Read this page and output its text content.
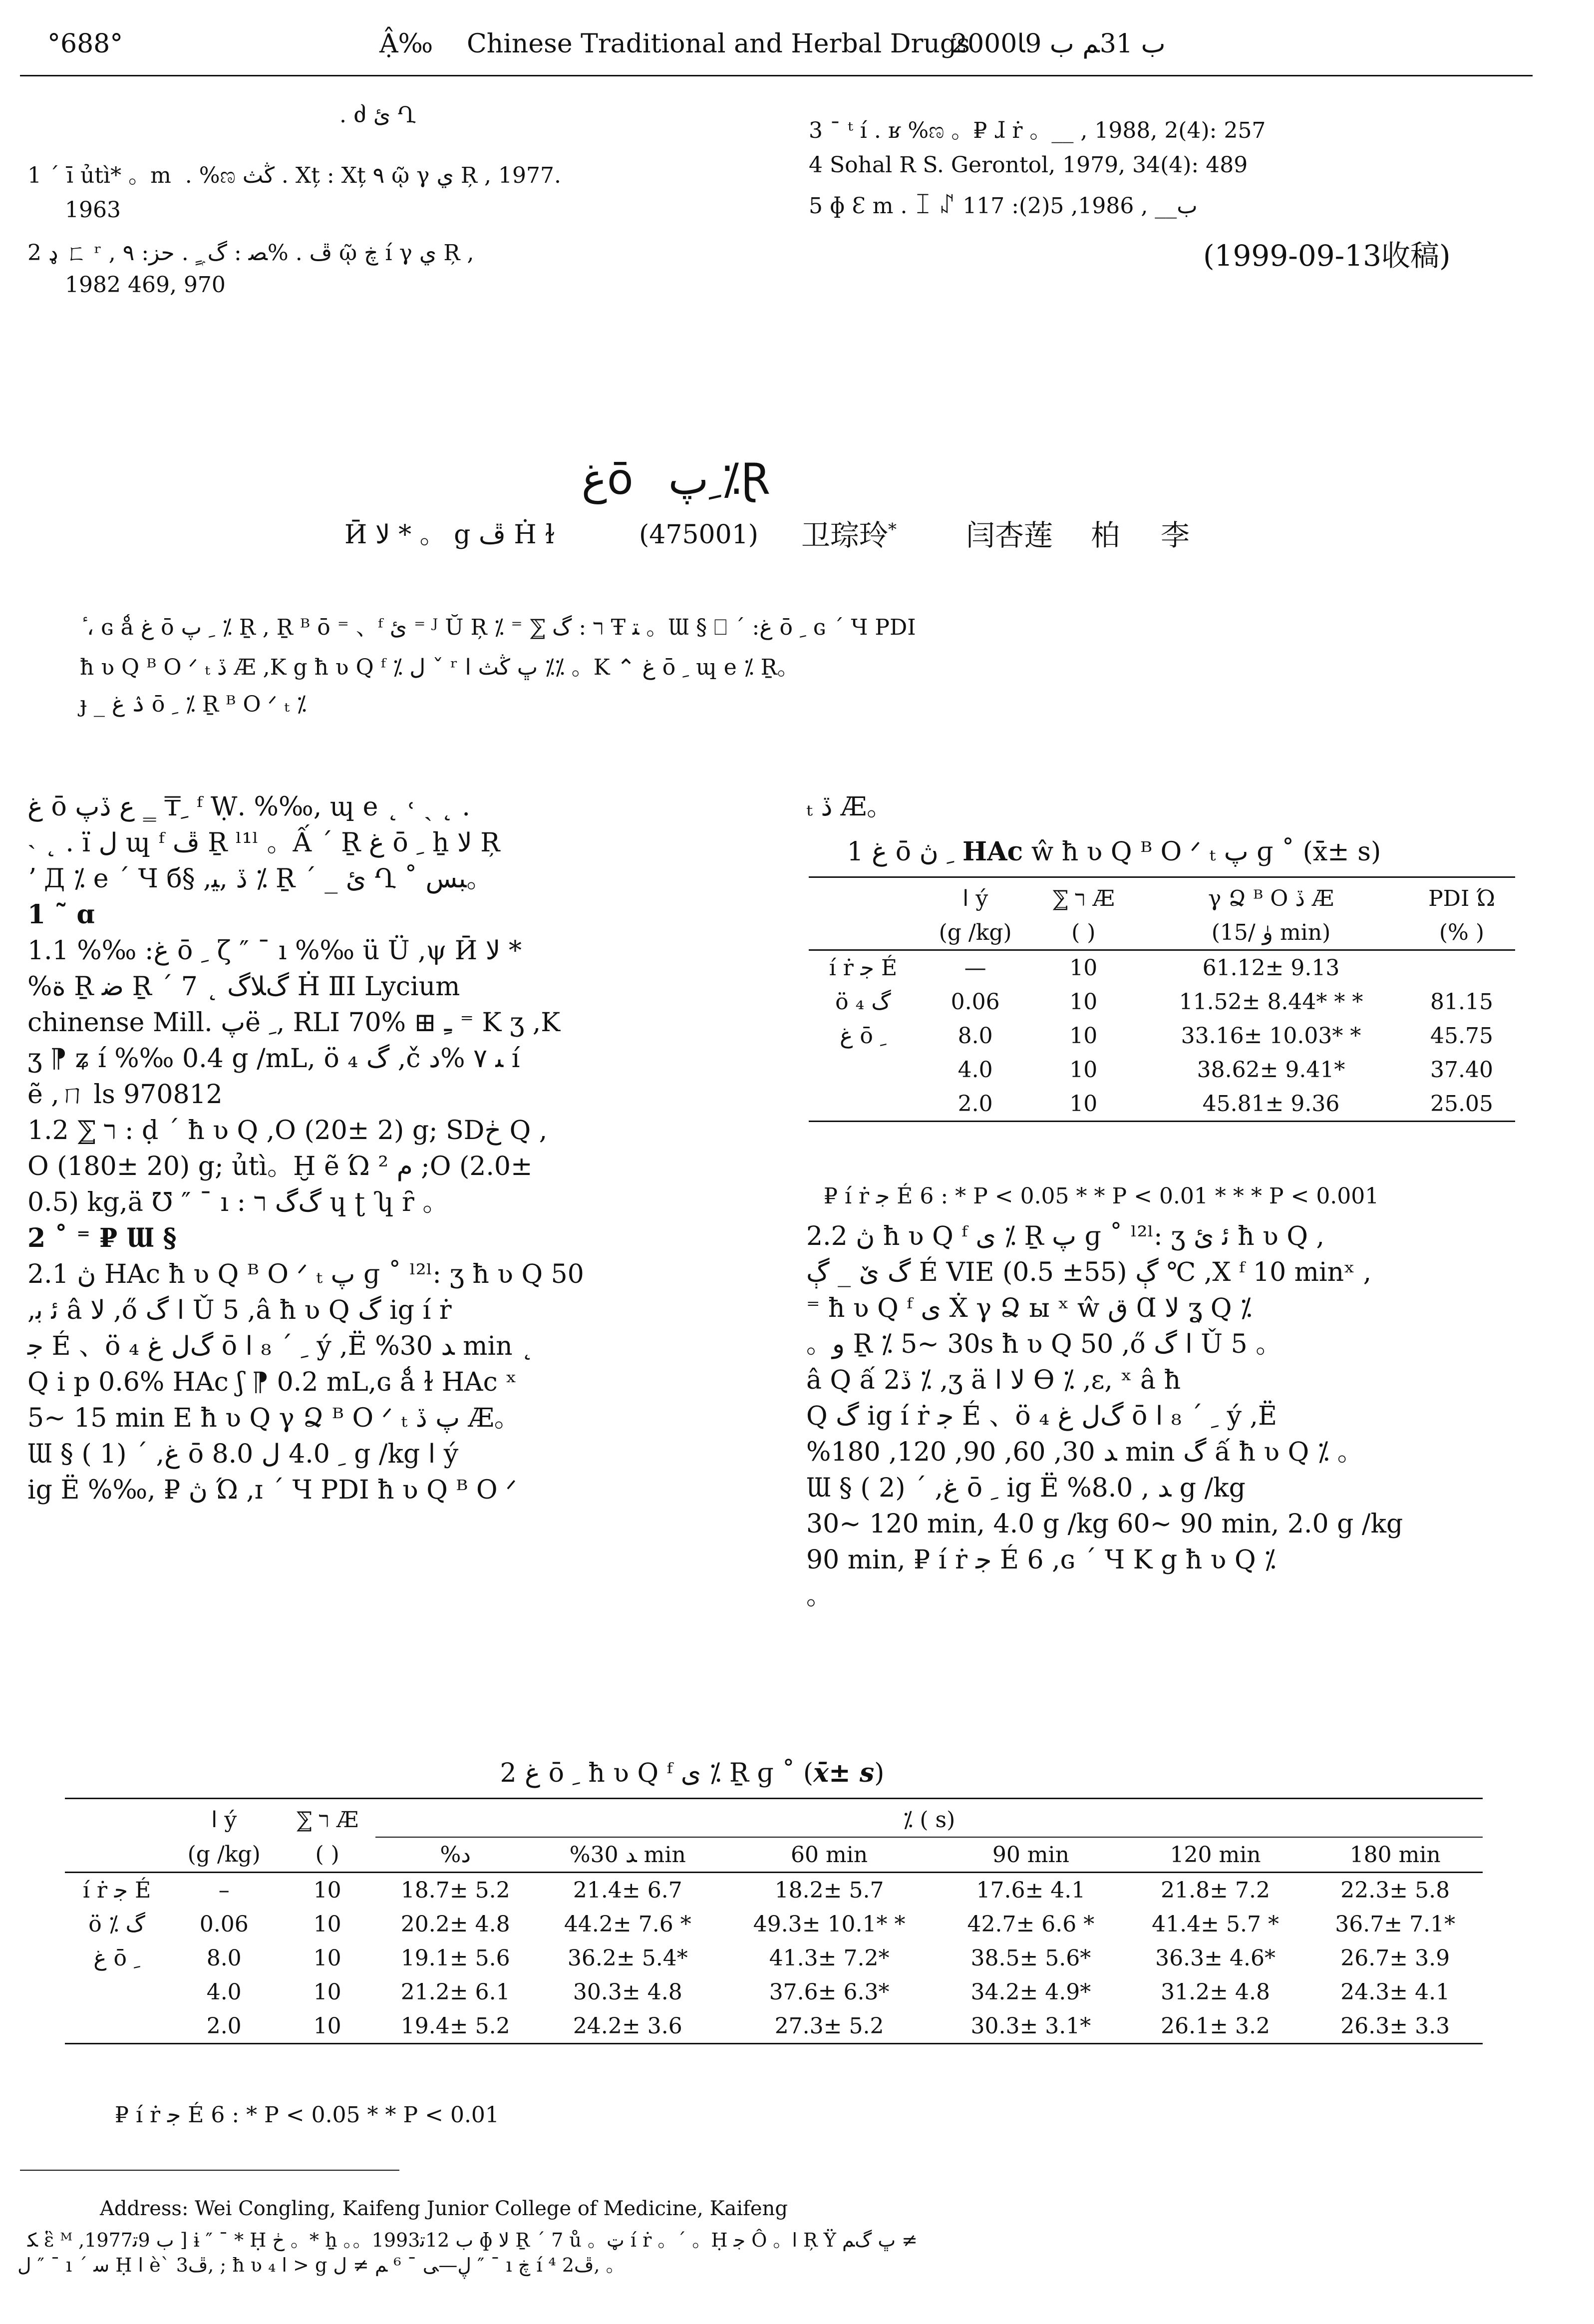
°688°	Ậ‰ Chinese Traditional and Herbal Drugs
2000ب 31ﻢ ب 9ﺎ
. ძ ئ Ղ
1 ´ ī ủtì* 。m  . %ಣ ڭث . Xț : Xț ۹ ῷ γ ي Ŗ , 1977.
1963
2 ډ ㄈ ʳ , ڦ . %ﺼ : گ ۭ ٍ . ﺣﺰ: ۹ ῷ ڿ í γ ي Ŗ ,
1982 469, 970
3 ¯ ᵗ í . ʁ %ಣ 。₽ ɺ ṙ 。__ , 1988, 2(4): 257
4 Sohal R S. Gerontol, 1979, 34(4): 489
5 ɸ Ɛ m . ꀤ ꁴ ب__ , 1986, 5(2): 117
(1999-09-13收稿)

ﻍō ﹺﭖ ⁒Ɽ

Ӣ ﻻ * 。 g ڦ Ḣ ɫ	(475001) 卫琮玲* 闫杏莲 柏 李
ٔ ، ɢ ǻ ﻍ ō ﹺ ﭖ ⁒ Ṟ , Ṟ ᴮ ō ⁼ 、ᶠ ئ ⁼ ᴶ Ŭ Ŗ ⁒ ⁼ ⅀ ﬧ : گ Ŧ ﺘ 。Ɯ § ⎕ ´ :ﻍ ō ﹺ ɢ ´ Ч PDI
ħ ʋ Q ᴮ O ᐟ ₜ ڏ Æ ,K g ħ ʋ Q ᶠ ⁒ ﻝ ˇ ʳ ڀ ڭث ﺍ ⁒⁒ 。K ⌃ ﻍ ō ﹺ ɰ e ⁒ Ṟ。
ɟ _ ۮ ﻍ ō ﹺ ⁒ Ṟ ᴮ O ᐟ ₜ ⁒
ﻍ ō ﹺ₸ ‗ ﻉ ڏﭖ ᶠ Ẉ. %‰, ɰ e ˛ ˓ ˎ ˛ .
˴ ˛ . ï ﻝ ɰ ᶠ ڦ Ṟ ˡ¹ˡ 。Ấ ´ Ṟ ﻍ ō ﹺ ẖ ﻻ Ŗ
ʼ Д ⁒ e ´ Ч б§ ,ڏ ,ﻴ ⁒ Ṟ ´ _ ئ Ղ ˚ ﺒﺲ。
1 ˜ ɑ
1.1 %‰ :ﻍ ō ﹺ ζ ″ ¯ ı %‰ ü Ü ,ψ Ӣ ﻻ *
%ﺓ Ṟ ﺿ Ṟ ´ 7 ˛ ﮒﻼگ Ḣ ⅡI Lycium
chinense Mill. ﭖё ﹺ, RLI 70% ⊞ ﹻ ⁼ K ʒ ,K
ʒ ⁋ ʑ í %‰ 0.4 g /mL, ö ₄ گ ,č ﯩ ۷ %ﺩ í
ẽ ,ㄇ ls 970812
1.2 ⅀ ﬧ : ḍ ´ ħ ʋ Q ,O (20± 2) g; SDڂ Q ,
O (180± 20) g; ủtì。Ḫ ẽ Ώ ﻡ ² ;O (2.0±
0.5) kg,ä ℧ ″ ¯ ı : ﮒگ ﬧ ɥ ʈ ʮ ȓ 。
2 ˚ ⁼ ₽ Ɯ §
2.1 ڽ HAc ħ ʋ Q ᴮ O ᐟ ₜ ﭖ ɡ ˚ ˡ²ˡ: ʒ ħ ʋ Q 50
,ﺋ ﺑ â ﻻ ,ő ﺍ گ Ǔ 5 ,â ħ ʋ Q گ ig í ṙ
ﺟ É 、ö ₄ گﻝ ﻍ ō ﹺ ´ ₈ ﺍ ý ,Ë %ﺪ 30 min ˛
Q i p 0.6% HAc ʃ ⁋ 0.2 mL,ɢ ǻ ɫ HAc ˣ
5~ 15 min E ħ ʋ Q γ Ձ ᴮ O ᐟ ₜ ﭖ ڏ Æ。
Ɯ § ( 1) ´ ,ﻍ ō ﹺ 4.0 ﻝ 8.0 g /kg ﺍ ý
ig Ë %‰, ₽ ڽ Ώ ,ɪ ´ Ч PDI ħ ʋ Q ᴮ O ᐟ
ₜ ڏ Æ。
1 ﻍ ō ﹺ ڽ HAc ŵ ħ ʋ Q ᴮ O ᐟ ₜ ﭖ ɡ ˚ (x̄± s)
	ﺍ ý	⅀ ﬧ Æ	γ Ձ ᴮ O ڏ Æ	PDI Ώ
	(g /kg)	( )	(ﯛ /15 min)	(% )
í ṙ ﺟ É	—	10	61.12± 9.13	
ö ₄ گ	0.06	10	11.52± 8.44* * *	81.15
ﻍ ō ﹺ	8.0	10	33.16± 10.03* *	45.75
	4.0	10	38.62± 9.41*	37.40
	2.0	10	45.81± 9.36	25.05
₽ í ṙ ﺟ É 6 : * P < 0.05 * * P < 0.01 * * * P < 0.001
2.2 ڽ ħ ʋ Q ᶠ ی ⁒ Ṟ ﭖ ɡ ˚ ˡ²ˡ: ʒ ﺋ ئ ħ ʋ Q ,
گ ێ _ ڳ É VIE ڳ (55± 0.5) ℃ ,X ᶠ 10 minˣ ,
⁼ ħ ʋ Q ᶠ ی Ẋ γ Ձ ы ˣ ŵ ق Ɑ ﻻ ʓ Q ⁒
。ﻭ Ṟ ⁒ 5~ 30s ħ ʋ Q 50 ,ő ﺍ گ Ǔ 5 。
â Q ấ 2ڏ ⁒ ,ʒ ä ﻻ ﺍ ϴ ⁒ ,ε, ˣ â ħ
Q گ ig í ṙ ﺟ É 、ö ₄ گﻝ ﻍ ō ﹺ ´ ₈ ﺍ ý ,Ë
%ﺪ 30, 60, 90, 120, 180 min گ ấ ħ ʋ Q ⁒ 。
Ɯ § ( 2) ´ ,ﻍ ō ﹺ ig Ë %ﺪ , 8.0 g /kg
30~ 120 min, 4.0 g /kg 60~ 90 min, 2.0 g /kg
90 min, ₽ í ṙ ﺟ É 6 ,ɢ ´ Ч K g ħ ʋ Q ⁒
。
2 ﻍ ō ﹺ ħ ʋ Q ᶠ ی ⁒ Ṟ ɡ ˚ (x̄± s)
	ﺍ ý	⅀ ﬧ Æ	⁒ ( s)					
	(g /kg)	( )	%ﺩ	%ﺪ 30 min	60 min	90 min	120 min	180 min
í ṙ ﺟ É	–	10	18.7± 5.2	21.4± 6.7	18.2± 5.7	17.6± 4.1	21.8± 7.2	22.3± 5.8
ö ⁒ گ	0.06	10	20.2± 4.8	44.2± 7.6 *	49.3± 10.1* *	42.7± 6.6 *	41.4± 5.7 *	36.7± 7.1*
ﻍ ō ﹺ	8.0	10	19.1± 5.6	36.2± 5.4*	41.3± 7.2*	38.5± 5.6*	36.3± 4.6*	26.7± 3.9
	4.0	10	21.2± 6.1	30.3± 4.8	37.6± 6.3*	34.2± 4.9*	31.2± 4.8	24.3± 4.1
	2.0	10	19.4± 5.2	24.2± 3.6	27.3± 5.2	30.3± 3.1*	26.1± 3.2	26.3± 3.3
₽ í ṙ ﺟ É 6 : * P < 0.05 * * P < 0.01
Address: Wei Congling, Kaifeng Junior College of Medicine, Kaifeng
ﻜ ἓ ᴹ ,1977ب 9ﺗ ] ɨ ″ ¯ * Ḥ ڂ 。* ẖ 。。1993ب 12ﺗ ɸ ﻻ Ṟ ´ 7 ů 。ټ í ṙ 。´ 。Ḥ ﺟ Ô 。ﺍ Ŗ Ÿ ڀ گﻢ ≠
ﻝ ″ ¯ ı ´ ﺳ Ḥ ﺍ è` 3ڦ, ; ħ ʋ ﺍ ₄ > g ڸ—ﻰ ¯ ⁶ ﻢ ≠ ﻝ ″ ¯ ı ڿ í ⁴ 2ڦ, 。
